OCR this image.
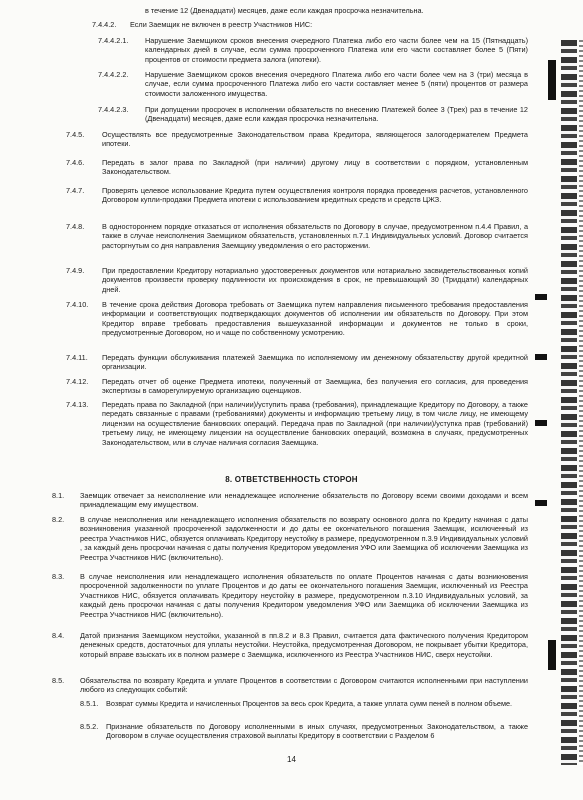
в течение 12 (Двенадцати) месяцев, даже если каждая просрочка незначительна.
7.4.4.2. Если Заемщик не включен в реестр Участников НИС:
7.4.4.2.1. Нарушение Заемщиком сроков внесения очередного Платежа либо его части более чем на 15 (Пятнадцать) календарных дней в случае, если сумма просроченного Платежа или его части составляет более 5 (Пяти) процентов от стоимости предмета залога (ипотеки).
7.4.4.2.2. Нарушение Заемщиком сроков внесения очередного Платежа либо его части более чем на 3 (три) месяца в случае, если сумма просроченного Платежа либо его части составляет менее 5 (пяти) процентов от размера стоимости заложенного имущества.
7.4.4.2.3. При допущении просрочек в исполнении обязательств по внесению Платежей более 3 (Трех) раз в течение 12 (Двенадцати) месяцев, даже если каждая просрочка незначительна.
7.4.5. Осуществлять все предусмотренные Законодательством права Кредитора, являющегося залогодержателем Предмета ипотеки.
7.4.6. Передать в залог права по Закладной (при наличии) другому лицу в соответствии с порядком, установленным Законодательством.
7.4.7. Проверять целевое использование Кредита путем осуществления контроля порядка проведения расчетов, установленного Договором купли-продажи Предмета ипотеки с использованием кредитных средств и средств ЦЖЗ.
7.4.8. В одностороннем порядке отказаться от исполнения обязательств по Договору в случае, предусмотренном п.4.4 Правил, а также в случае неисполнения Заемщиком обязательств, установленных п.7.1 Индивидуальных условий. Договор считается расторгнутым со дня направления Заемщику уведомления о его расторжении.
7.4.9. При предоставлении Кредитору нотариально удостоверенных документов или нотариально засвидетельствованных копий документов произвести проверку подлинности их происхождения в срок, не превышающий 30 (Тридцати) календарных дней.
7.4.10. В течение срока действия Договора требовать от Заемщика путем направления письменного требования предоставления информации и соответствующих подтверждающих документов об исполнении им обязательств по Договору. При этом Кредитор вправе требовать предоставления вышеуказанной информации и документов не только в сроки, предусмотренные Договором, но и чаще по собственному усмотрению.
7.4.11. Передать функции обслуживания платежей Заемщика по исполняемому им денежному обязательству другой кредитной организации.
7.4.12. Передать отчет об оценке Предмета ипотеки, полученный от Заемщика, без получения его согласия, для проведения экспертизы в саморегулируемую организацию оценщиков.
7.4.13. Передать права по Закладной (при наличии)/уступить права (требования), принадлежащие Кредитору по Договору, а также передать связанные с правами (требованиями) документы и информацию третьему лицу, в том числе лицу, не имеющему лицензии на осуществление банковских операций. Передача прав по Закладной (при наличии)/уступка прав (требований) третьему лицу, не имеющему лицензии на осуществление банковских операций, возможна в случаях, предусмотренных Законодательством, или в случае наличия согласия Заемщика.
8. ОТВЕТСТВЕННОСТЬ СТОРОН
8.1. Заемщик отвечает за неисполнение или ненадлежащее исполнение обязательств по Договору всеми своими доходами и всем принадлежащим ему имуществом.
8.2. В случае неисполнения или ненадлежащего исполнения обязательств по возврату основного долга по Кредиту начиная с даты возникновения указанной просроченной задолженности и до даты ее окончательного погашения Заемщик, исключенный из реестра Участников НИС, обязуется оплачивать Кредитору неустойку в размере, предусмотренном п.3.9 Индивидуальных условий , за каждый день просрочки начиная с даты получения Кредитором уведомления УФО или Заемщика об исключении Заемщика из Реестра Участников НИС (включительно).
8.3. В случае неисполнения или ненадлежащего исполнения обязательств по оплате Процентов начиная с даты возникновения просроченной задолженности по уплате Процентов и до даты ее окончательного погашения Заемщик, исключенный из Реестра Участников НИС, обязуется оплачивать Кредитору неустойку в размере, предусмотренном п.3.10 Индивидуальных условий, за каждый день просрочки начиная с даты получения Кредитором уведомления УФО или Заемщика об исключении Заемщика из Реестра Участников НИС (включительно).
8.4. Датой признания Заемщиком неустойки, указанной в пп.8.2 и 8.3 Правил, считается дата фактического получения Кредитором денежных средств, достаточных для уплаты неустойки. Неустойка, предусмотренная Договором, не покрывает убытки Кредитора, который вправе взыскать их в полном размере с Заемщика, исключенного из Реестра Участников НИС, сверх неустойки.
8.5. Обязательства по возврату Кредита и уплате Процентов в соответствии с Договором считаются исполненными при наступлении любого из следующих событий:
8.5.1. Возврат суммы Кредита и начисленных Процентов за весь срок Кредита, а также уплата сумм пеней в полном объеме.
8.5.2. Признание обязательств по Договору исполненными в иных случаях, предусмотренных Законодательством, а также Договором в случае осуществления страховой выплаты Кредитору в соответствии с Разделом 6
14
